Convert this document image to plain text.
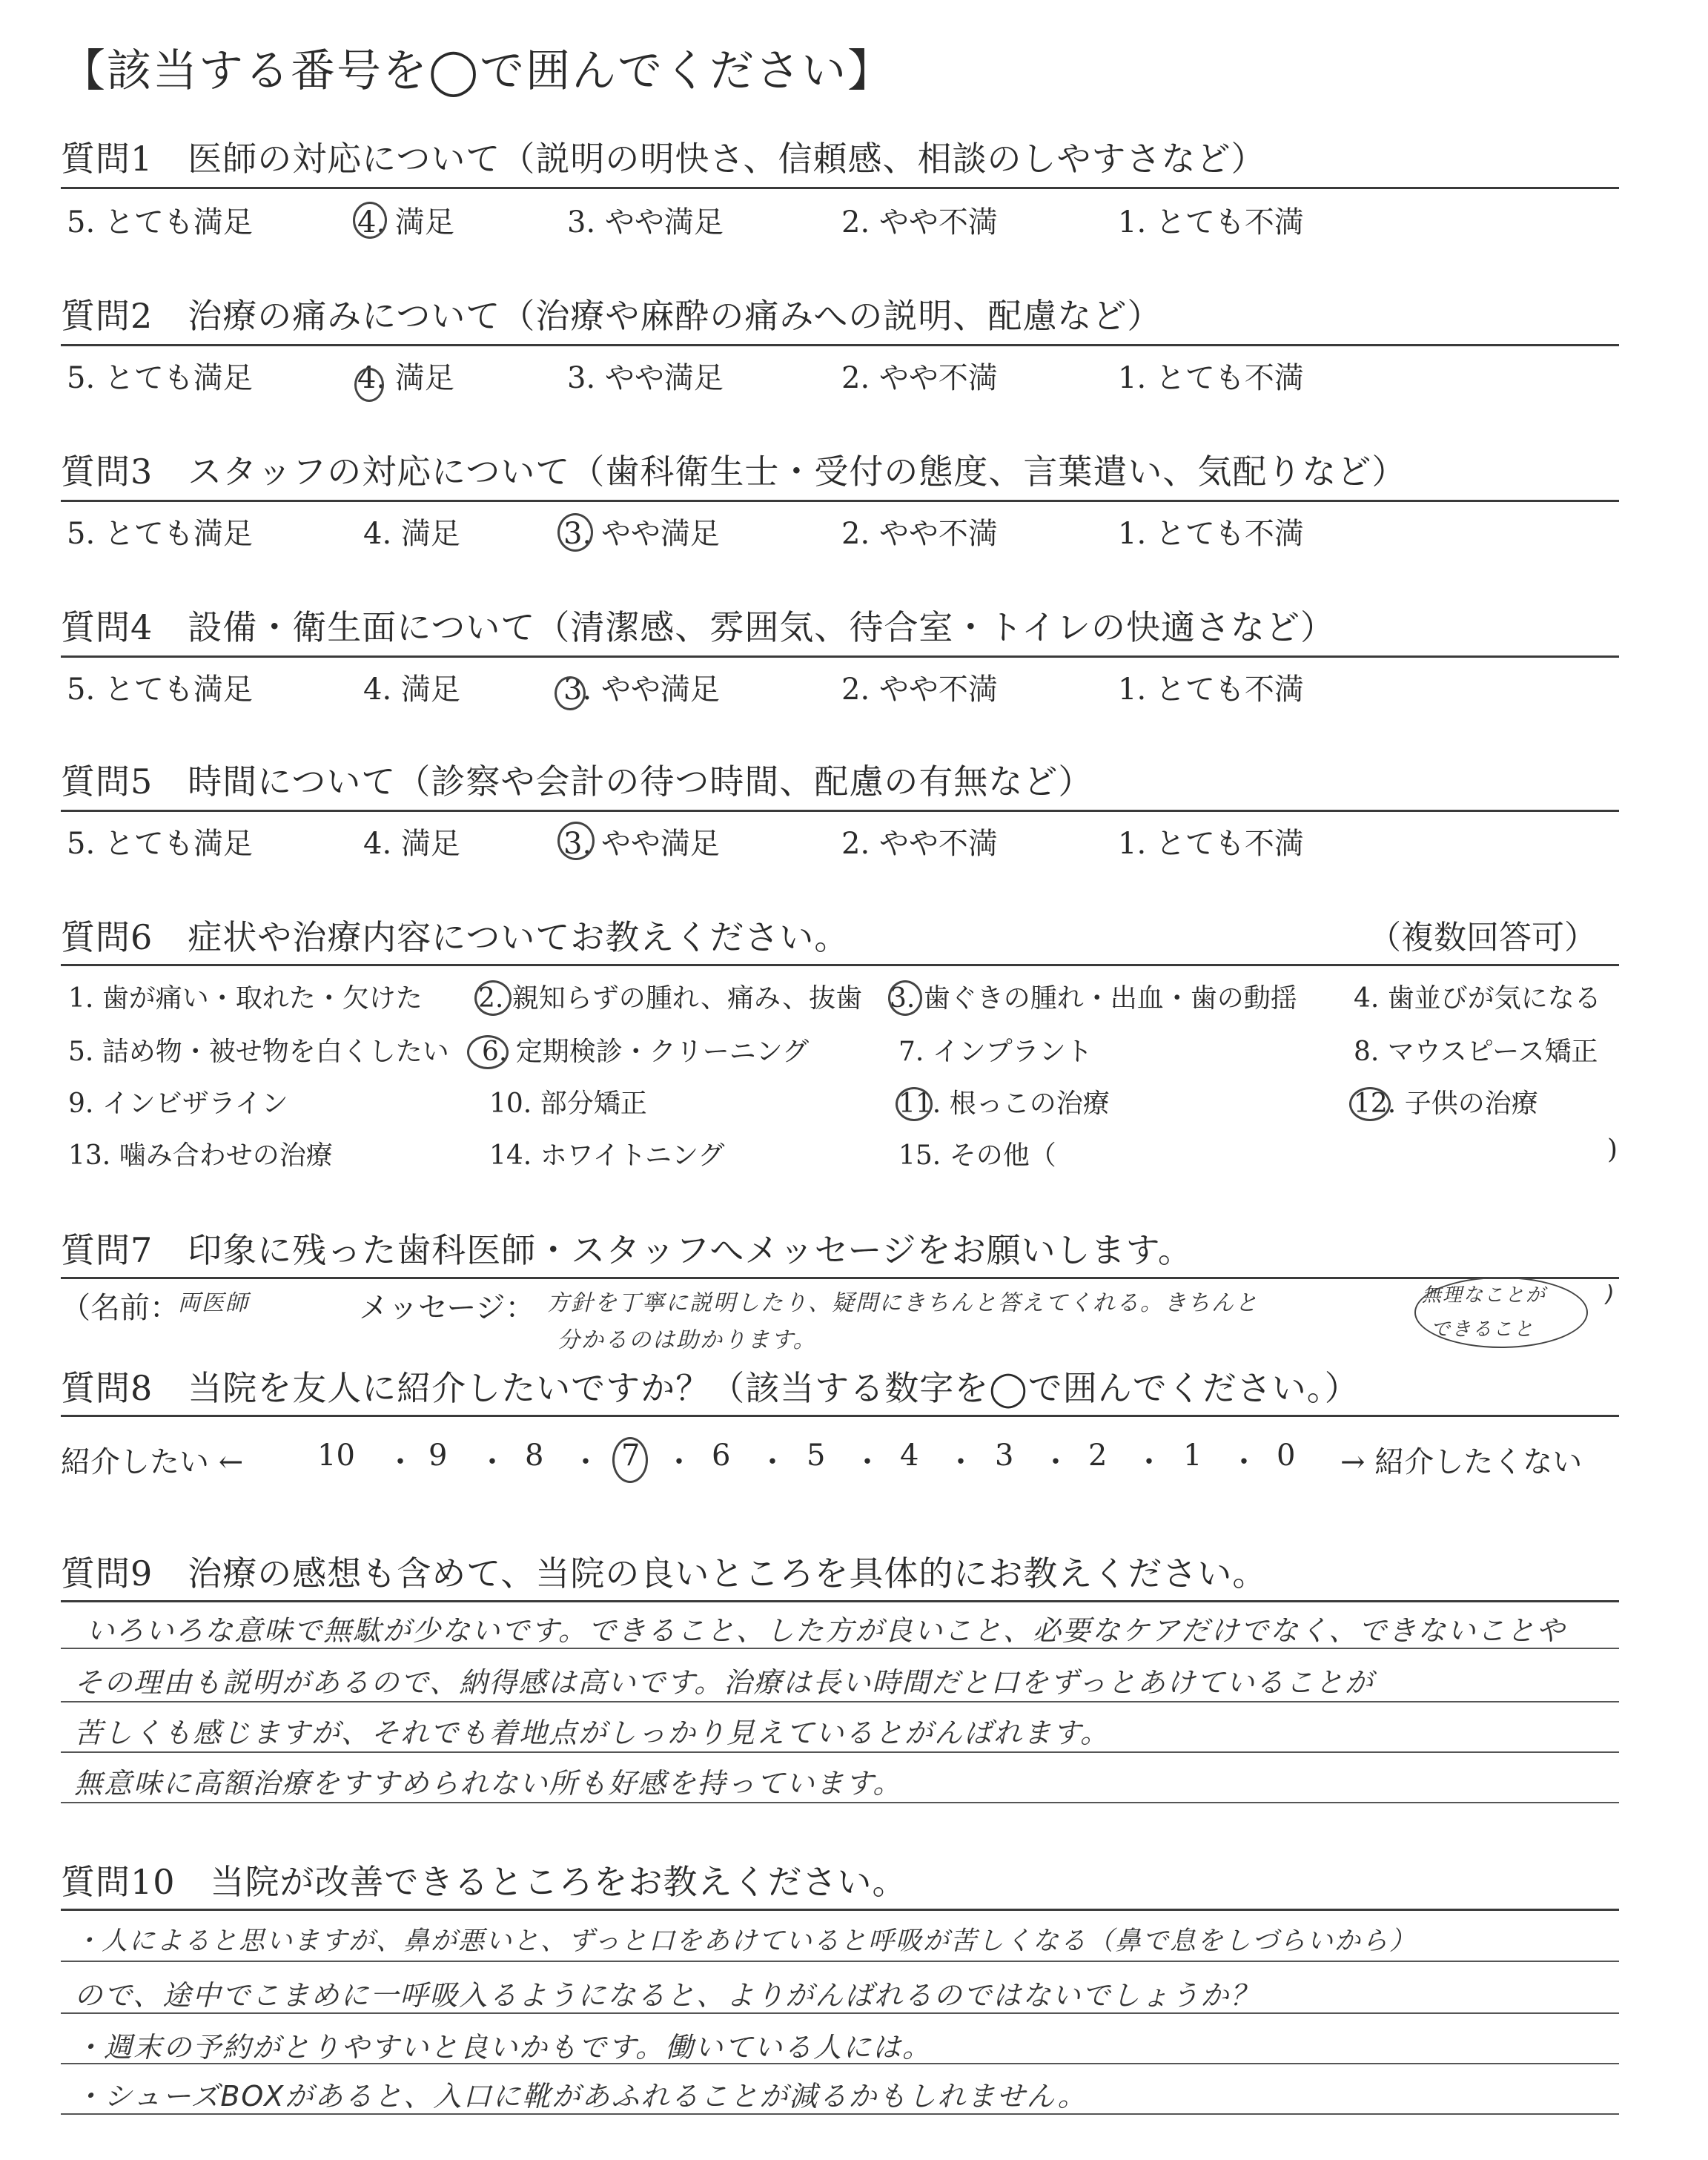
【該当する番号を◯で囲んでください】
質問1　医師の対応について（説明の明快さ、信頼感、相談のしやすさなど）
5. とても満足	4. 満足	3. やや満足	2. やや不満	1. とても不満
質問2　治療の痛みについて（治療や麻酔の痛みへの説明、配慮など）
5. とても満足	4. 満足	3. やや満足	2. やや不満	1. とても不満
質問3　スタッフの対応について（歯科衛生士・受付の態度、言葉遣い、気配りなど）
5. とても満足	4. 満足	3. やや満足	2. やや不満	1. とても不満
質問4　設備・衛生面について（清潔感、雰囲気、待合室・トイレの快適さなど）
5. とても満足	4. 満足	3. やや満足	2. やや不満	1. とても不満
質問5　時間について（診察や会計の待つ時間、配慮の有無など）
5. とても満足	4. 満足	3. やや満足	2. やや不満	1. とても不満
質問6　症状や治療内容についてお教えください。	（複数回答可）
1. 歯が痛い・取れた・欠けた 2. 親知らずの腫れ、痛み、抜歯 3. 歯ぐきの腫れ・出血・歯の動揺 4. 歯並びが気になる
5. 詰め物・被せ物を白くしたい 6. 定期検診・クリーニング	7. インプラント	8. マウスピース矯正
9. インビザライン	10. 部分矯正	11. 根っこの治療	12. 子供の治療
13. 噛み合わせの治療	14. ホワイトニング	15. その他（	)
質問7　印象に残った歯科医師・スタッフへメッセージをお願いします。
（名前：
両医師	メッセージ： 方針を丁寧に説明したり、疑問にきちんと答えてくれる。きちんと
分かるのは助かります。
無理なことが
できること
)
質問8　当院を友人に紹介したいですか？（該当する数字を◯で囲んでください。）
紹介したい ← 10 ・ 9 ・ 8 ・ 7 ・ 6 ・ 5 ・ 4 ・ 3 ・ 2 ・ 1 ・ 0 → 紹介したくない
質問9　治療の感想も含めて、当院の良いところを具体的にお教えください。
いろいろな意味で無駄が少ないです。できること、した方が良いこと、必要なケアだけでなく、できないことや
その理由も説明があるので、納得感は高いです。治療は長い時間だと口をずっとあけていることが
苦しくも感じますが、それでも着地点がしっかり見えているとがんばれます。
無意味に高額治療をすすめられない所も好感を持っています。
質問10　当院が改善できるところをお教えください。
・人によると思いますが、鼻が悪いと、ずっと口をあけていると呼吸が苦しくなる（鼻で息をしづらいから）
ので、途中でこまめに一呼吸入るようになると、よりがんばれるのではないでしょうか？
・週末の予約がとりやすいと良いかもです。働いている人には。
・シューズBOXがあると、入口に靴があふれることが減るかもしれません。
